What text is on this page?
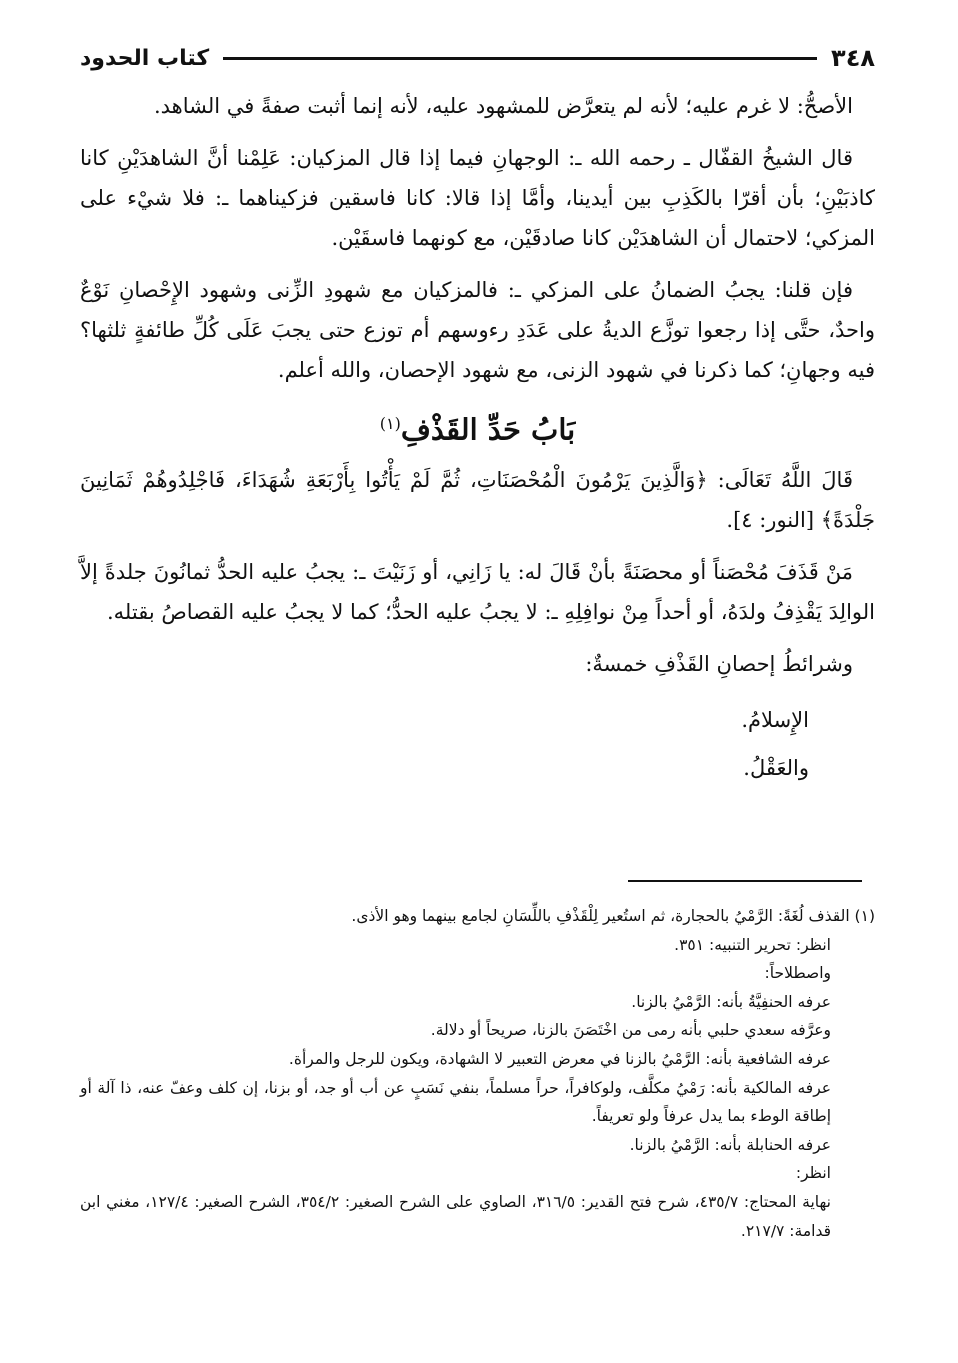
٣٤٨
كتاب الحدود

الأصحُّ: لا غرم عليه؛ لأنه لم يتعرَّض للمشهود عليه، لأنه إنما أثبت صفةً في الشاهد.

قال الشيخُ القفّال ـ رحمه الله ـ: الوجهانِ فيما إذا قال المزكيان: عَلِمْنا أنَّ الشاهدَيْنِ كانا كاذبَيْنِ؛ بأن أقرّا بالكَذِبِ بين أيدينا، وأمَّا إذا قالا: كانا فاسقين فزكيناهما ـ: فلا شيْء على المزكي؛ لاحتمال أن الشاهدَيْن كانا صادقَيْن، مع كونهما فاسقَيْن.

فإن قلنا: يجبُ الضمانُ على المزكي ـ: فالمزكيان مع شهودِ الزِّنى وشهود الإِحْصانِ نَوْعٌ واحدٌ، حتَّى إذا رجعوا توزَّع الديةُ على عَدَدِ رءوسهم أم توزع حتى يجبَ عَلَى كُلِّ طائفةٍ ثلثها؟ فيه وجهانِ؛ كما ذكرنا في شهود الزنى، مع شهود الإحصان، والله أعلم.

بَابُ حَدِّ القَذْفِ$^{(١)}$

قَالَ اللَّهُ تَعَالَى: ﴿وَالَّذِينَ يَرْمُونَ الْمُحْصَنَاتِ، ثُمَّ لَمْ يَأْتُوا بِأَرْبَعَةِ شُهَدَاءَ، فَاجْلِدُوهُمْ ثَمَانِينَ جَلْدَةً﴾ [النور: ٤].

مَنْ قَذَفَ مُحْصَناً أو محصَنَةً بأنْ قَالَ له: يا زَانِي، أو زَنَيْتَ ـ: يجبُ عليه الحدُّ ثمانُونَ جلدةً إلاَّ الوالِدَ يَقْذِفُ ولدَهُ، أو أحداً مِنْ نوافِلِهِ ـ: لا يجبُ عليه الحدُّ؛ كما لا يجبُ عليه القصاصُ بقتله.

وشرائطُ إحصانِ القَذْفِ خمسةٌ:

الإِسلامُ.

والعَقْلُ.

(١) القذف لُغَةً: الرَّمْيُ بالحجارة، ثم استُعير لِلْقَذْفِ باللِّسَانِ لجامع بينهما وهو الأذى.

انظر: تحرير التنبيه: ٣٥١.

واصطلاحاً:

عرفه الحنفِيَّةُ بأنه: الرَّمْيُ بالزنا.

وعرَّفه سعدي حلبي بأنه رمى من اخْتَصَنَ بالزنا، صريحاً أو دلالة.

عرفه الشافعية بأنه: الرَّمْيُ بالزنا في معرض التعبير لا الشهادة، ويكون للرجل والمرأة.

عرفه المالكية بأنه: رَمْيُ مكلَّف، ولوكافراً، حراً مسلماً، بنفي نَسَبٍ عن أب أو جد، أو بزنا، إن كلف وعفّ عنه، ذا آلة أو إطاقة الوطء بما يدل عرفاً ولو تعريفاً.

عرفه الحنابلة بأنه: الرَّمْيُ بالزنا.

انظر:

نهاية المحتاج: ٤٣٥/٧، شرح فتح القدير: ٣١٦/٥، الصاوي على الشرح الصغير: ٣٥٤/٢، الشرح الصغير: ١٢٧/٤، مغني ابن قدامة: ٢١٧/٧.
